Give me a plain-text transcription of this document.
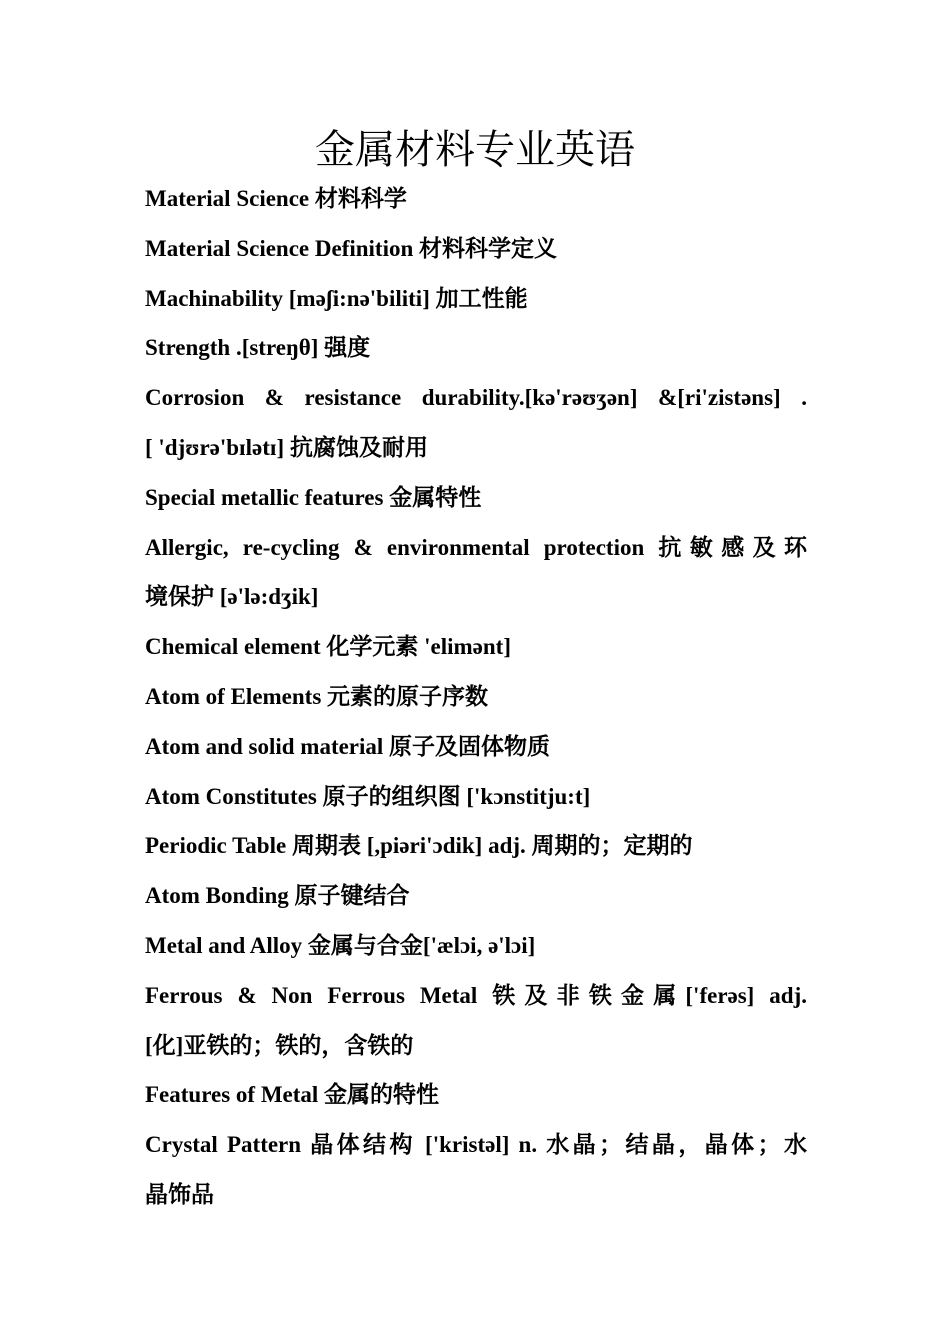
金属材料专业英语

Material Science 材料科学

Material Science Definition 材料科学定义

Machinability [məʃi:nə'biliti] 加工性能

Strength .[streŋθ] 强度

Corrosion & resistance durability.[kə'rəʊʒən] &[ri'zistəns] .

[ 'djʊrə'bɪlətɪ] 抗腐蚀及耐用

Special metallic features 金属特性

Allergic, re-cycling & environmental protection 抗敏感及环

境保护 [ə'lə:dʒik]

Chemical element 化学元素 'elimənt]

Atom of Elements 元素的原子序数

Atom and solid material 原子及固体物质

Atom Constitutes 原子的组织图 ['kɔnstitju:t]

Periodic Table 周期表 [,piəri'ɔdik] adj. 周期的；定期的

Atom Bonding 原子键结合

Metal and Alloy 金属与合金['ælɔi, ə'lɔi]

Ferrous & Non Ferrous Metal 铁及非铁金属['ferəs] adj.

[化]亚铁的；铁的，含铁的

Features of Metal 金属的特性

Crystal Pattern 晶体结构 ['kristəl] n. 水晶；结晶，晶体；水

晶饰品
